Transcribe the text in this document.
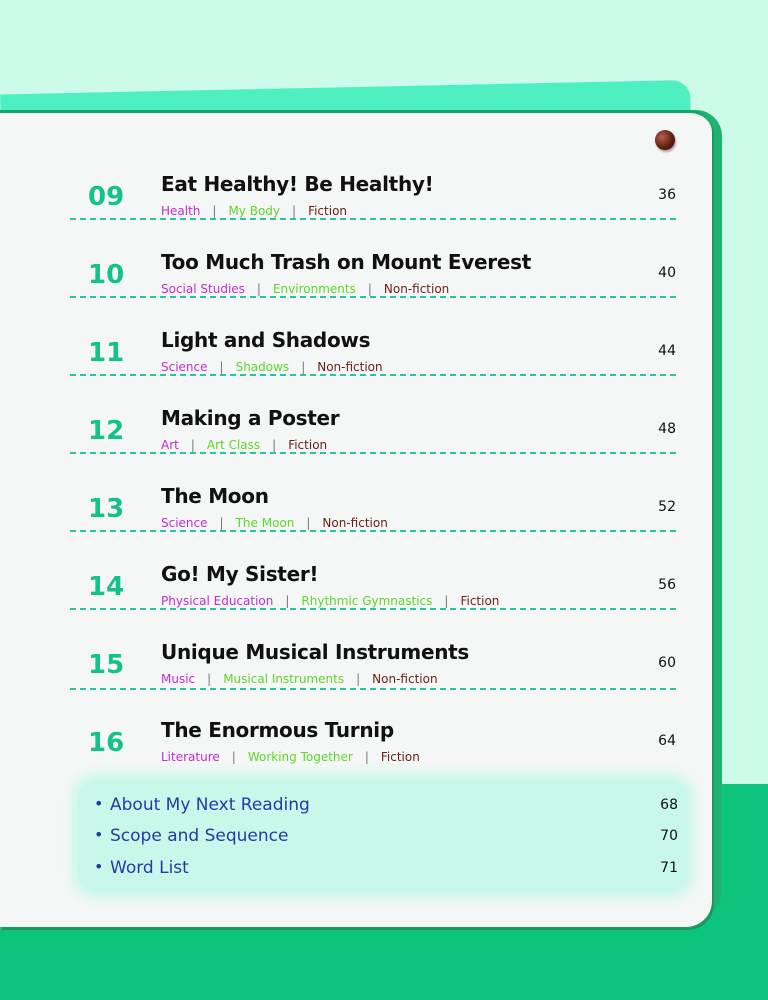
09 Eat Healthy! Be Healthy!
Health | My Body | Fiction
36
10 Too Much Trash on Mount Everest
Social Studies | Environments | Non-fiction
40
11 Light and Shadows
Science | Shadows | Non-fiction
44
12 Making a Poster
Art | Art Class | Fiction
48
13 The Moon
Science | The Moon | Non-fiction
52
14 Go! My Sister!
Physical Education | Rhythmic Gymnastics | Fiction
56
15 Unique Musical Instruments
Music | Musical Instruments | Non-fiction
60
16 The Enormous Turnip
Literature | Working Together | Fiction
64
• About My Next Reading	68
• Scope and Sequence	70
• Word List	71
